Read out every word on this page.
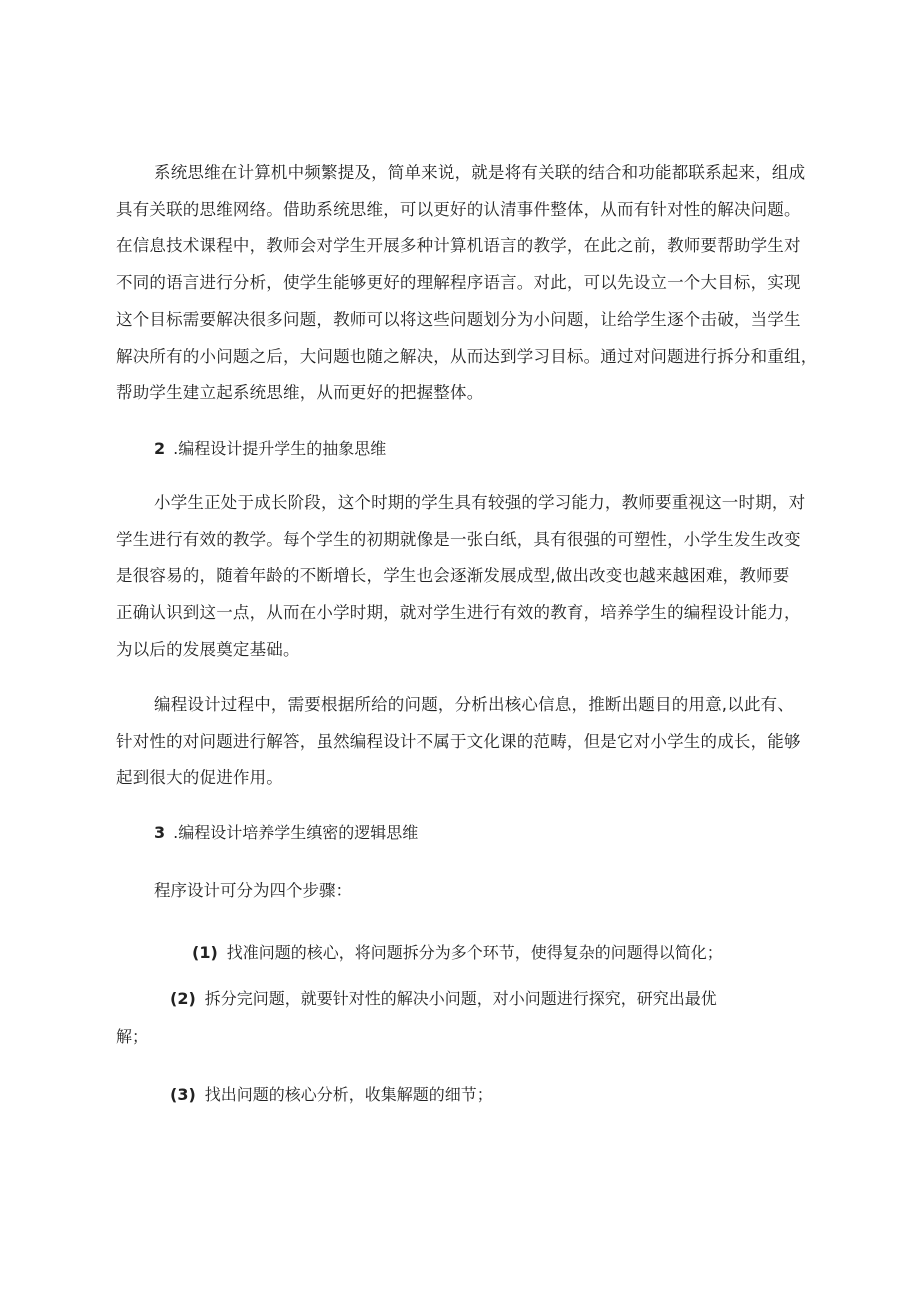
系统思维在计算机中频繁提及，简单来说，就是将有关联的结合和功能都联系起来，组成
具有关联的思维网络。借助系统思维，可以更好的认清事件整体，从而有针对性的解决问题。
在信息技术课程中，教师会对学生开展多种计算机语言的教学，在此之前，教师要帮助学生对
不同的语言进行分析，使学生能够更好的理解程序语言。对此，可以先设立一个大目标，实现
这个目标需要解决很多问题，教师可以将这些问题划分为小问题，让给学生逐个击破，当学生
解决所有的小问题之后，大问题也随之解决，从而达到学习目标。通过对问题进行拆分和重组，
帮助学生建立起系统思维，从而更好的把握整体。

2 .编程设计提升学生的抽象思维

小学生正处于成长阶段，这个时期的学生具有较强的学习能力，教师要重视这一时期，对
学生进行有效的教学。每个学生的初期就像是一张白纸，具有很强的可塑性，小学生发生改变
是很容易的，随着年龄的不断增长，学生也会逐渐发展成型,做出改变也越来越困难，教师要
正确认识到这一点，从而在小学时期，就对学生进行有效的教育，培养学生的编程设计能力，
为以后的发展奠定基础。
编程设计过程中，需要根据所给的问题，分析出核心信息，推断出题目的用意,以此有、
针对性的对问题进行解答，虽然编程设计不属于文化课的范畴，但是它对小学生的成长，能够
起到很大的促进作用。

3 .编程设计培养学生缜密的逻辑思维

程序设计可分为四个步骤：

(1) 找准问题的核心，将问题拆分为多个环节，使得复杂的问题得以简化；

(2) 拆分完问题，就要针对性的解决小问题，对小问题进行探究，研究出最优

解；

(3) 找出问题的核心分析，收集解题的细节；
